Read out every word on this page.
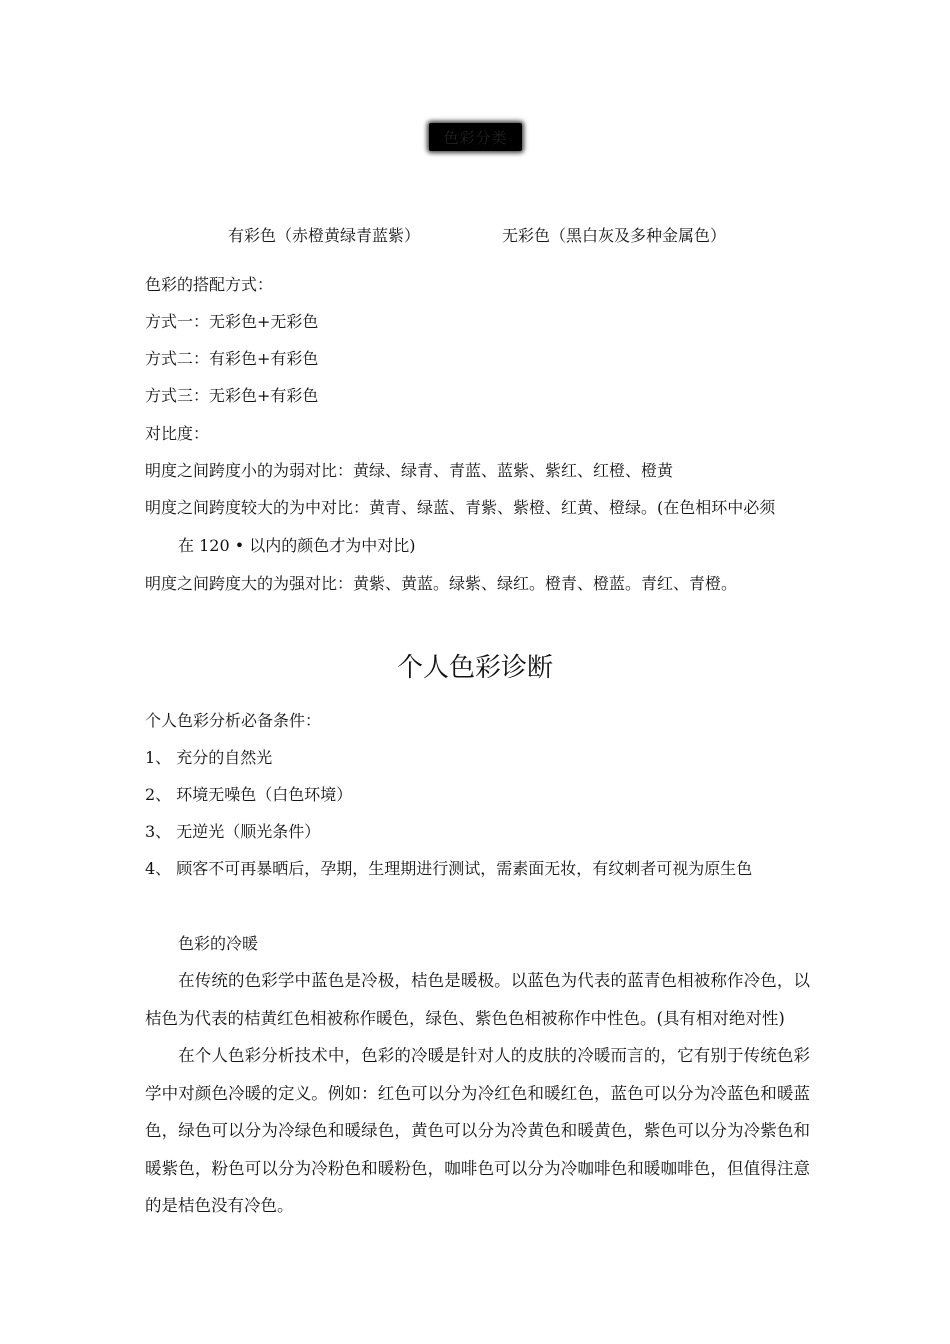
色彩分类
有彩色（赤橙黄绿青蓝紫）	无彩色（黑白灰及多种金属色）
色彩的搭配方式：
方式一：无彩色+无彩色
方式二：有彩色+有彩色
方式三：无彩色+有彩色
对比度：
明度之间跨度小的为弱对比：黄绿、绿青、青蓝、蓝紫、紫红、红橙、橙黄
明度之间跨度较大的为中对比：黄青、绿蓝、青紫、紫橙、红黄、橙绿。(在色相环中必须
在 120 • 以内的颜色才为中对比)
明度之间跨度大的为强对比：黄紫、黄蓝。绿紫、绿红。橙青、橙蓝。青红、青橙。
个人色彩诊断
个人色彩分析必备条件：
1、 充分的自然光
2、 环境无噪色（白色环境）
3、 无逆光（顺光条件）
4、 顾客不可再暴晒后，孕期，生理期进行测试，需素面无妆，有纹刺者可视为原生色
色彩的冷暖
在传统的色彩学中蓝色是冷极，桔色是暖极。以蓝色为代表的蓝青色相被称作冷色，以桔色为代表的桔黄红色相被称作暖色，绿色、紫色色相被称作中性色。(具有相对绝对性)
在个人色彩分析技术中，色彩的冷暖是针对人的皮肤的冷暖而言的，它有别于传统色彩学中对颜色冷暖的定义。例如：红色可以分为冷红色和暖红色，蓝色可以分为冷蓝色和暖蓝色，绿色可以分为冷绿色和暖绿色，黄色可以分为冷黄色和暖黄色，紫色可以分为冷紫色和暖紫色，粉色可以分为冷粉色和暖粉色，咖啡色可以分为冷咖啡色和暖咖啡色，但值得注意的是桔色没有冷色。
